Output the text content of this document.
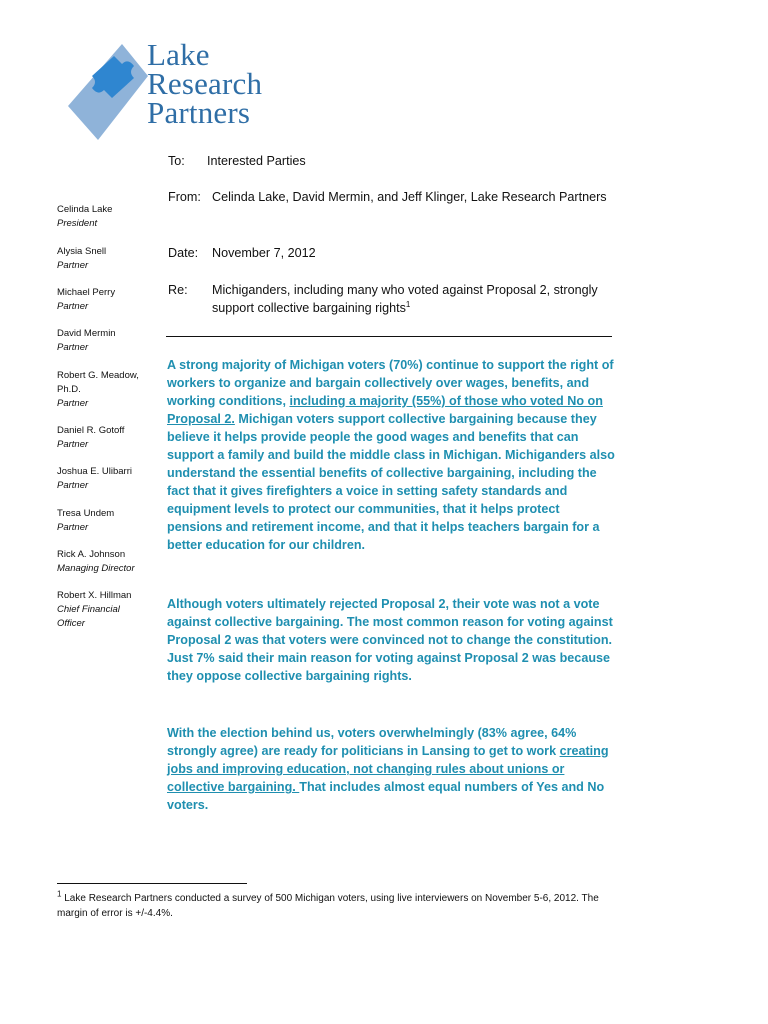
Lake
Research
Partners
Celinda Lake
President
Alysia Snell
Partner
Michael Perry
Partner
David Mermin
Partner
Robert G. Meadow, Ph.D.
Partner
Daniel R. Gotoff
Partner
Joshua E. Ulibarri
Partner
Tresa Undem
Partner
Rick A. Johnson
Managing Director
Robert X. Hillman
Chief Financial Officer
To: Interested Parties
From: Celinda Lake, David Mermin, and Jeff Klinger, Lake Research Partners
Date: November 7, 2012
Re: Michiganders, including many who voted against Proposal 2, strongly support collective bargaining rights$^1$
A strong majority of Michigan voters (70%) continue to support the right of workers to organize and bargain collectively over wages, benefits, and working conditions, including a majority (55%) of those who voted No on Proposal 2. Michigan voters support collective bargaining because they believe it helps provide people the good wages and benefits that can support a family and build the middle class in Michigan. Michiganders also understand the essential benefits of collective bargaining, including the fact that it gives firefighters a voice in setting safety standards and equipment levels to protect our communities, that it helps protect pensions and retirement income, and that it helps teachers bargain for a better education for our children.
Although voters ultimately rejected Proposal 2, their vote was not a vote against collective bargaining. The most common reason for voting against Proposal 2 was that voters were convinced not to change the constitution. Just 7% said their main reason for voting against Proposal 2 was because they oppose collective bargaining rights.
With the election behind us, voters overwhelmingly (83% agree, 64% strongly agree) are ready for politicians in Lansing to get to work creating jobs and improving education, not changing rules about unions or collective bargaining. That includes almost equal numbers of Yes and No voters.
$^1$ Lake Research Partners conducted a survey of 500 Michigan voters, using live interviewers on November 5-6, 2012. The margin of error is +/-4.4%.
